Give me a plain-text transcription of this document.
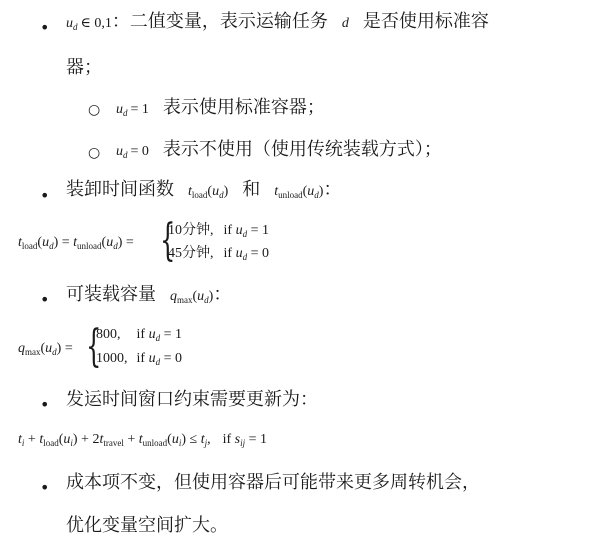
• $u_d$ ∈ 0,1：二值变量，表示运输任务 d 是否使用标准容
器；
○ $u_d = 1$ 表示使用标准容器；
○ $u_d = 0$ 表示不使用（使用传统装载方式）；
• 装卸时间函数 $t_{load}(u_d)$ 和 $t_{unload}(u_d)$：
$t_{load}(u_d) = t_{unload}(u_d)$ = {
10分钟, if $u_d = 1$
45分钟, if $u_d = 0$
• 可装载容量 $q_{max}(u_d)$：
$q_{max}(u_d)$ = {
800, if $u_d = 1$
1000, if $u_d = 0$
• 发运时间窗口约束需要更新为：
$t_i + t_{load}(u_i) + 2t_{travel} + t_{unload}(u_i) \le t_j$, if $s_{ij} = 1$
• 成本项不变，但使用容器后可能带来更多周转机会，
优化变量空间扩大。
